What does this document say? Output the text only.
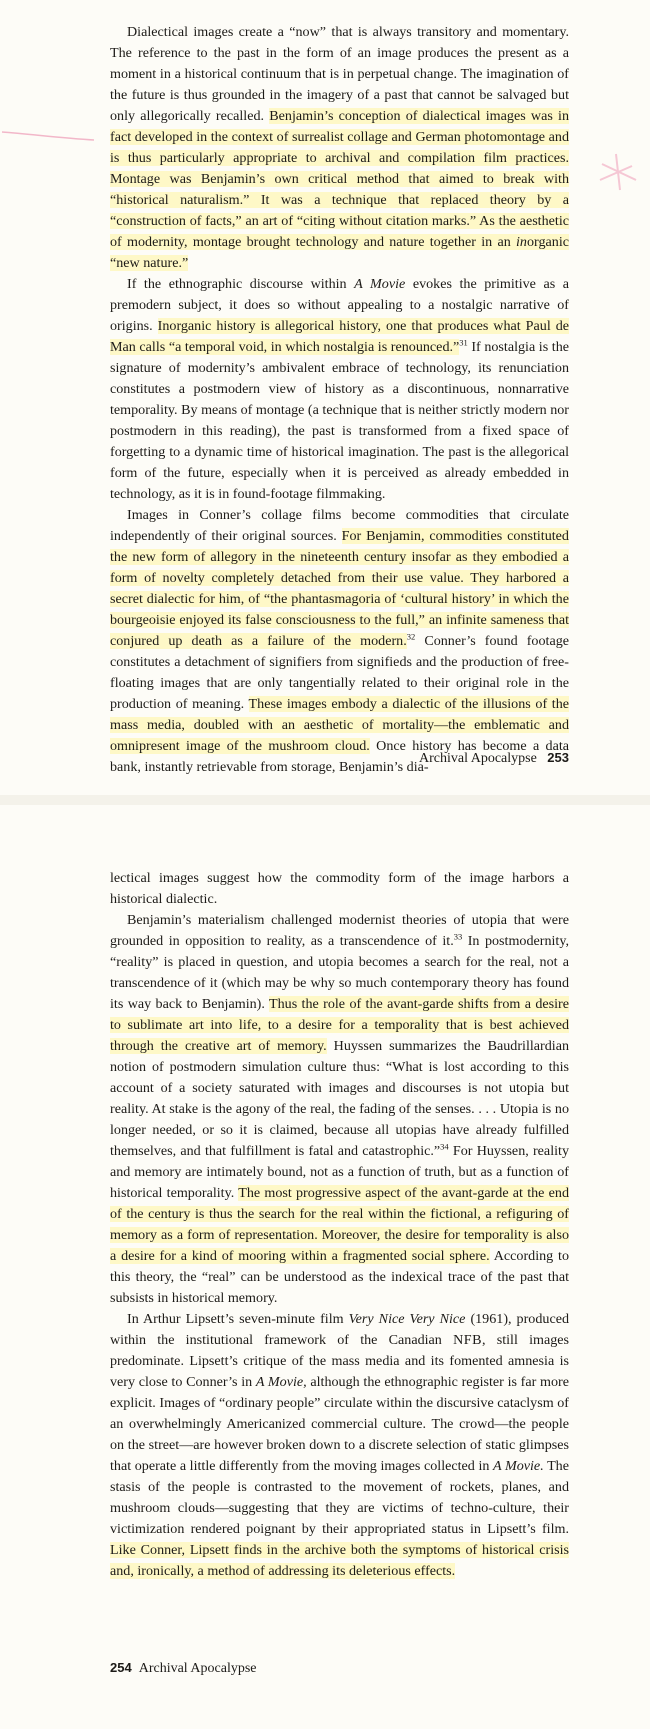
Dialectical images create a “now” that is always transitory and momentary. The reference to the past in the form of an image produces the present as a moment in a historical continuum that is in perpetual change. The imagination of the future is thus grounded in the imagery of a past that cannot be salvaged but only allegorically recalled. Benjamin’s conception of dialectical images was in fact developed in the context of surrealist collage and German photomontage and is thus particularly appropriate to archival and compilation film practices. Montage was Benjamin’s own critical method that aimed to break with “historical naturalism.” It was a technique that replaced theory by a “construction of facts,” an art of “citing without citation marks.” As the aesthetic of modernity, montage brought technology and nature together in an inorganic “new nature.”

If the ethnographic discourse within A Movie evokes the primitive as a premodern subject, it does so without appealing to a nostalgic narrative of origins. Inorganic history is allegorical history, one that produces what Paul de Man calls “a temporal void, in which nostalgia is renounced.”$^{31}$ If nostalgia is the signature of modernity’s ambivalent embrace of technology, its renunciation constitutes a postmodern view of history as a discontinuous, nonnarrative temporality. By means of montage (a technique that is neither strictly modern nor postmodern in this reading), the past is transformed from a fixed space of forgetting to a dynamic time of historical imagination. The past is the allegorical form of the future, especially when it is perceived as already embedded in technology, as it is in found-footage filmmaking.

Images in Conner’s collage films become commodities that circulate independently of their original sources. For Benjamin, commodities constituted the new form of allegory in the nineteenth century insofar as they embodied a form of novelty completely detached from their use value. They harbored a secret dialectic for him, of “the phantasmagoria of ‘cultural history’ in which the bourgeoisie enjoyed its false consciousness to the full,” an infinite sameness that conjured up death as a failure of the modern.$^{32}$ Conner’s found footage constitutes a detachment of signifiers from signifieds and the production of free-floating images that are only tangentially related to their original role in the production of meaning. These images embody a dialectic of the illusions of the mass media, doubled with an aesthetic of mortality—the emblematic and omnipresent image of the mushroom cloud. Once history has become a data bank, instantly retrievable from storage, Benjamin’s dia-

Archival Apocalypse 253

lectical images suggest how the commodity form of the image harbors a historical dialectic.

Benjamin’s materialism challenged modernist theories of utopia that were grounded in opposition to reality, as a transcendence of it.$^{33}$ In postmodernity, “reality” is placed in question, and utopia becomes a search for the real, not a transcendence of it (which may be why so much contemporary theory has found its way back to Benjamin). Thus the role of the avant-garde shifts from a desire to sublimate art into life, to a desire for a temporality that is best achieved through the creative art of memory. Huyssen summarizes the Baudrillardian notion of postmodern simulation culture thus: “What is lost according to this account of a society saturated with images and discourses is not utopia but reality. At stake is the agony of the real, the fading of the senses. . . . Utopia is no longer needed, or so it is claimed, because all utopias have already fulfilled themselves, and that fulfillment is fatal and catastrophic.”$^{34}$ For Huyssen, reality and memory are intimately bound, not as a function of truth, but as a function of historical temporality. The most progressive aspect of the avant-garde at the end of the century is thus the search for the real within the fictional, a refiguring of memory as a form of representation. Moreover, the desire for temporality is also a desire for a kind of mooring within a fragmented social sphere. According to this theory, the “real” can be understood as the indexical trace of the past that subsists in historical memory.

In Arthur Lipsett’s seven-minute film Very Nice Very Nice (1961), produced within the institutional framework of the Canadian NFB, still images predominate. Lipsett’s critique of the mass media and its fomented amnesia is very close to Conner’s in A Movie, although the ethnographic register is far more explicit. Images of “ordinary people” circulate within the discursive cataclysm of an overwhelmingly Americanized commercial culture. The crowd—the people on the street—are however broken down to a discrete selection of static glimpses that operate a little differently from the moving images collected in A Movie. The stasis of the people is contrasted to the movement of rockets, planes, and mushroom clouds—suggesting that they are victims of techno-culture, their victimization rendered poignant by their appropriated status in Lipsett’s film. Like Conner, Lipsett finds in the archive both the symptoms of historical crisis and, ironically, a method of addressing its deleterious effects.

254 Archival Apocalypse
